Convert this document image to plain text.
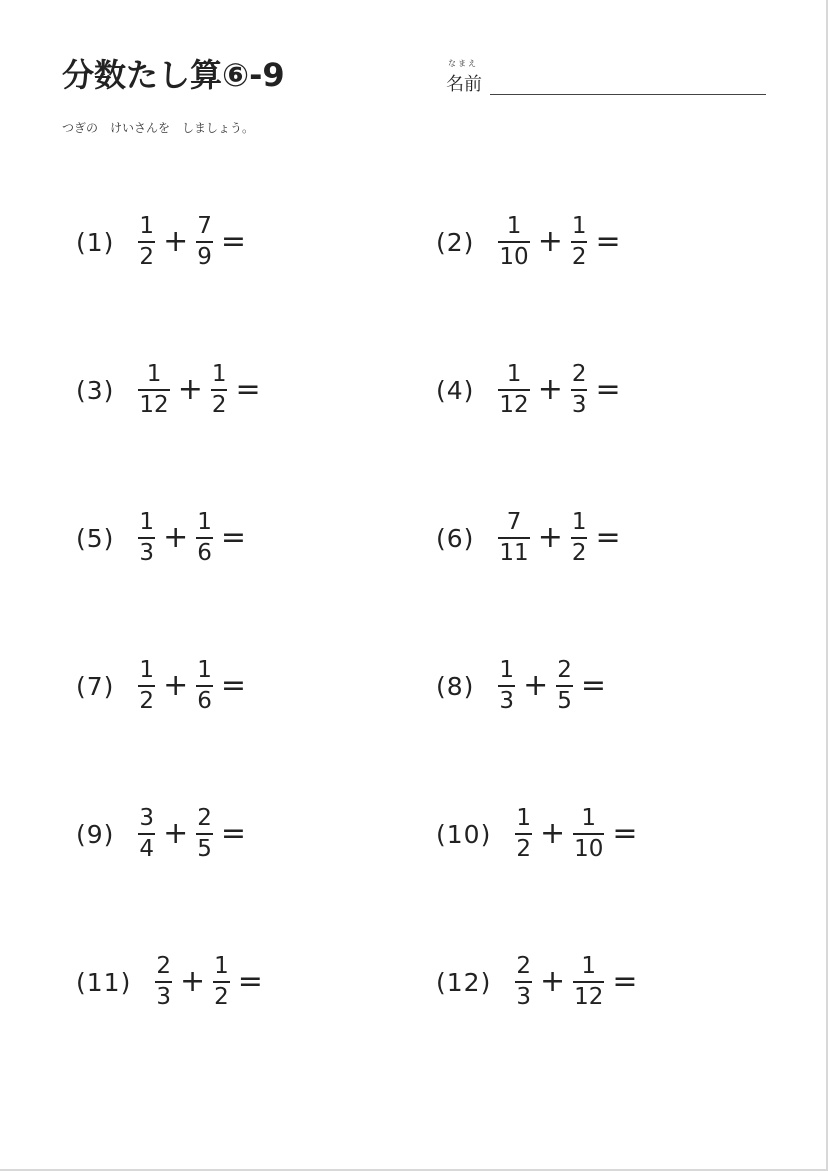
分数たし算⑥-9	なまえ
名前
つぎの　けいさんを　しましょう。
$(1) \frac{1}{2} + \frac{7}{9}$ =	$(2) \frac{1}{10} + \frac{1}{2}$ =
$(3) \frac{1}{12} + \frac{1}{2}$ =	$(4) \frac{1}{12} + \frac{2}{3}$ =
$(5) \frac{1}{3} + \frac{1}{6}$ =	$(6) \frac{7}{11} + \frac{1}{2}$ =
$(7) \frac{1}{2} + \frac{1}{6}$ =	$(8) \frac{1}{3} + \frac{2}{5}$ =
$(9) \frac{3}{4} + \frac{2}{5}$ =	$(10) \frac{1}{2} + \frac{1}{10}$ =
$(11) \frac{2}{3} + \frac{1}{2}$ =	$(12) \frac{2}{3} + \frac{1}{12}$ =
